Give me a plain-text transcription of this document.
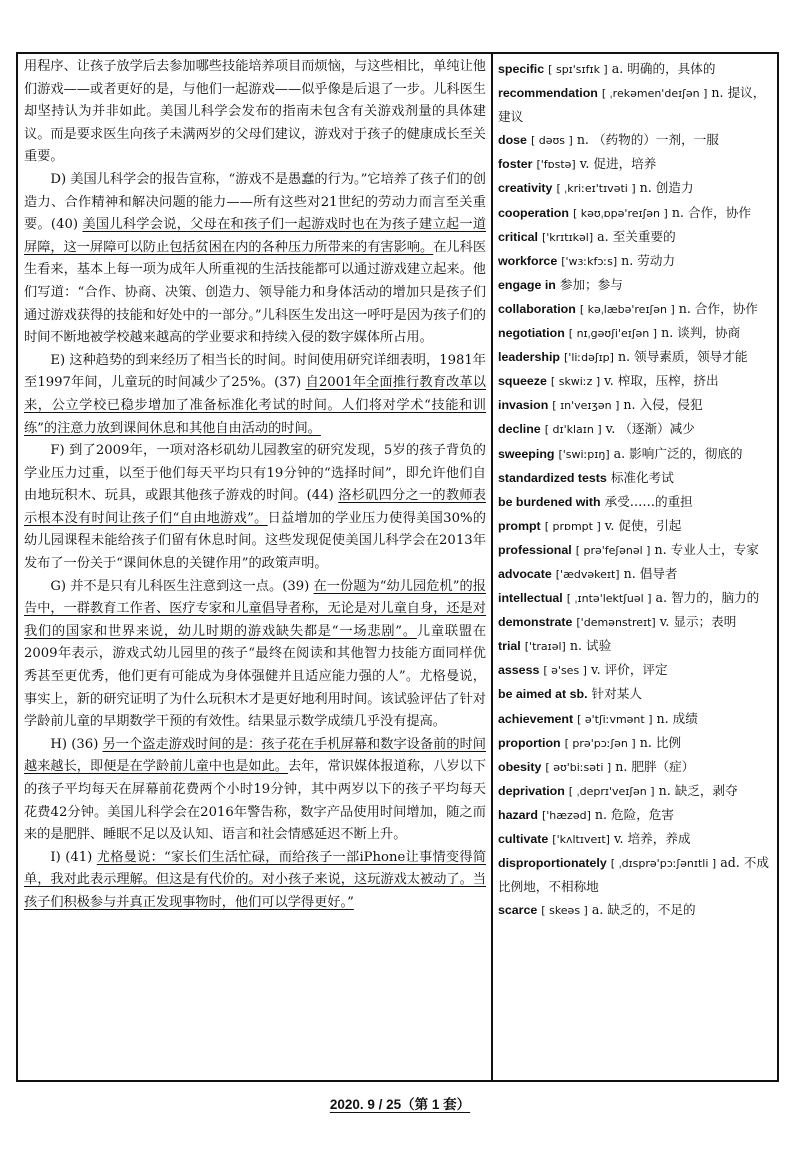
用程序、让孩子放学后去参加哪些技能培养项目而烦恼，与这些相比，单纯让他们游戏——或者更好的是，与他们一起游戏——似乎像是后退了一步。儿科医生却坚持认为并非如此。美国儿科学会发布的指南未包含有关游戏剂量的具体建议。而是要求医生向孩子未满两岁的父母们建议，游戏对于孩子的健康成长至关重要。

D) 美国儿科学会的报告宣称，“游戏不是愚蠢的行为。”它培养了孩子们的创造力、合作精神和解决问题的能力——所有这些对21世纪的劳动力而言至关重要。(40) 美国儿科学会说，父母在和孩子们一起游戏时也在为孩子建立起一道屏障，这一屏障可以防止包括贫困在内的各种压力所带来的有害影响。在儿科医生看来，基本上每一项为成年人所重视的生活技能都可以通过游戏建立起来。他们写道：“合作、协商、决策、创造力、领导能力和身体活动的增加只是孩子们通过游戏获得的技能和好处中的一部分。”儿科医生发出这一呼吁是因为孩子们的时间不断地被学校越来越高的学业要求和持续入侵的数字媒体所占用。

E) 这种趋势的到来经历了相当长的时间。时间使用研究详细表明，1981年至1997年间，儿童玩的时间减少了25%。(37) 自2001年全面推行教育改革以来，公立学校已稳步增加了准备标准化考试的时间。人们将对学术“技能和训练”的注意力放到课间休息和其他自由活动的时间。

F) 到了2009年，一项对洛杉矶幼儿园教室的研究发现，5岁的孩子背负的学业压力过重，以至于他们每天平均只有19分钟的“选择时间”，即允许他们自由地玩积木、玩具，或跟其他孩子游戏的时间。(44) 洛杉矶四分之一的教师表示根本没有时间让孩子们“自由地游戏”。日益增加的学业压力使得美国30%的幼儿园课程未能给孩子们留有休息时间。这些发现促使美国儿科学会在2013年发布了一份关于“课间休息的关键作用”的政策声明。

G) 并不是只有儿科医生注意到这一点。(39) 在一份题为“幼儿园危机”的报告中，一群教育工作者、医疗专家和儿童倡导者称，无论是对儿童自身，还是对我们的国家和世界来说，幼儿时期的游戏缺失都是“一场悲剧”。儿童联盟在2009年表示，游戏式幼儿园里的孩子“最终在阅读和其他智力技能方面同样优秀甚至更优秀，他们更有可能成为身体强健并且适应能力强的人”。尤格曼说，事实上，新的研究证明了为什么玩积木才是更好地利用时间。该试验评估了针对学龄前儿童的早期数学干预的有效性。结果显示数学成绩几乎没有提高。

H) (36) 另一个盗走游戏时间的是：孩子花在手机屏幕和数字设备前的时间越来越长，即便是在学龄前儿童中也是如此。去年，常识媒体报道称，八岁以下的孩子平均每天在屏幕前花费两个小时19分钟，其中两岁以下的孩子平均每天花费42分钟。美国儿科学会在2016年警告称，数字产品使用时间增加，随之而来的是肥胖、睡眠不足以及认知、语言和社会情感延迟不断上升。

I) (41) 尤格曼说：“家长们生活忙碌，而给孩子一部iPhone让事情变得简单，我对此表示理解。但这是有代价的。对小孩子来说，这玩游戏太被动了。当孩子们积极参与并真正发现事物时，他们可以学得更好。”

specific [ spɪ'sɪfɪk ] a. 明确的，具体的
recommendation [ ˌrekəmen'deɪʃən ] n. 提议，建议
dose [ dəʊs ] n. （药物的）一剂，一服
foster ['fɒstə] v. 促进，培养
creativity [ ˌkriːeɪ'tɪvəti ] n. 创造力
cooperation [ kəʊˌɒpə'reɪʃən ] n. 合作，协作
critical ['krɪtɪkəl] a. 至关重要的
workforce ['wɜːkfɔːs] n. 劳动力
engage in 参加；参与
collaboration [ kəˌlæbə'reɪʃən ] n. 合作，协作
negotiation [ nɪˌgəʊʃi'eɪʃən ] n. 谈判，协商
leadership ['liːdəʃɪp] n. 领导素质，领导才能
squeeze [ skwiːz ] v. 榨取，压榨，挤出
invasion [ ɪn'veɪʒən ] n. 入侵，侵犯
decline [ dɪ'klaɪn ] v. （逐渐）减少
sweeping ['swiːpɪŋ] a. 影响广泛的，彻底的
standardized tests 标准化考试
be burdened with 承受……的重担
prompt [ prɒmpt ] v. 促使，引起
professional [ prə'feʃənəl ] n. 专业人士，专家
advocate ['ædvəkeɪt] n. 倡导者
intellectual [ ˌɪntə'lektʃuəl ] a. 智力的，脑力的
demonstrate ['demənstreɪt] v. 显示；表明
trial ['traɪəl] n. 试验
assess [ ə'ses ] v. 评价，评定
be aimed at sb. 针对某人
achievement [ ə'tʃiːvmənt ] n. 成绩
proportion [ prə'pɔːʃən ] n. 比例
obesity [ əʊ'biːsəti ] n. 肥胖（症）
deprivation [ ˌdeprɪ'veɪʃən ] n. 缺乏，剥夺
hazard ['hæzəd] n. 危险，危害
cultivate ['kʌltɪveɪt] v. 培养，养成
disproportionately [ ˌdɪsprə'pɔːʃənɪtli ] ad. 不成比例地，不相称地
scarce [ skeəs ] a. 缺乏的，不足的
2020. 9 / 25（第 1 套）
